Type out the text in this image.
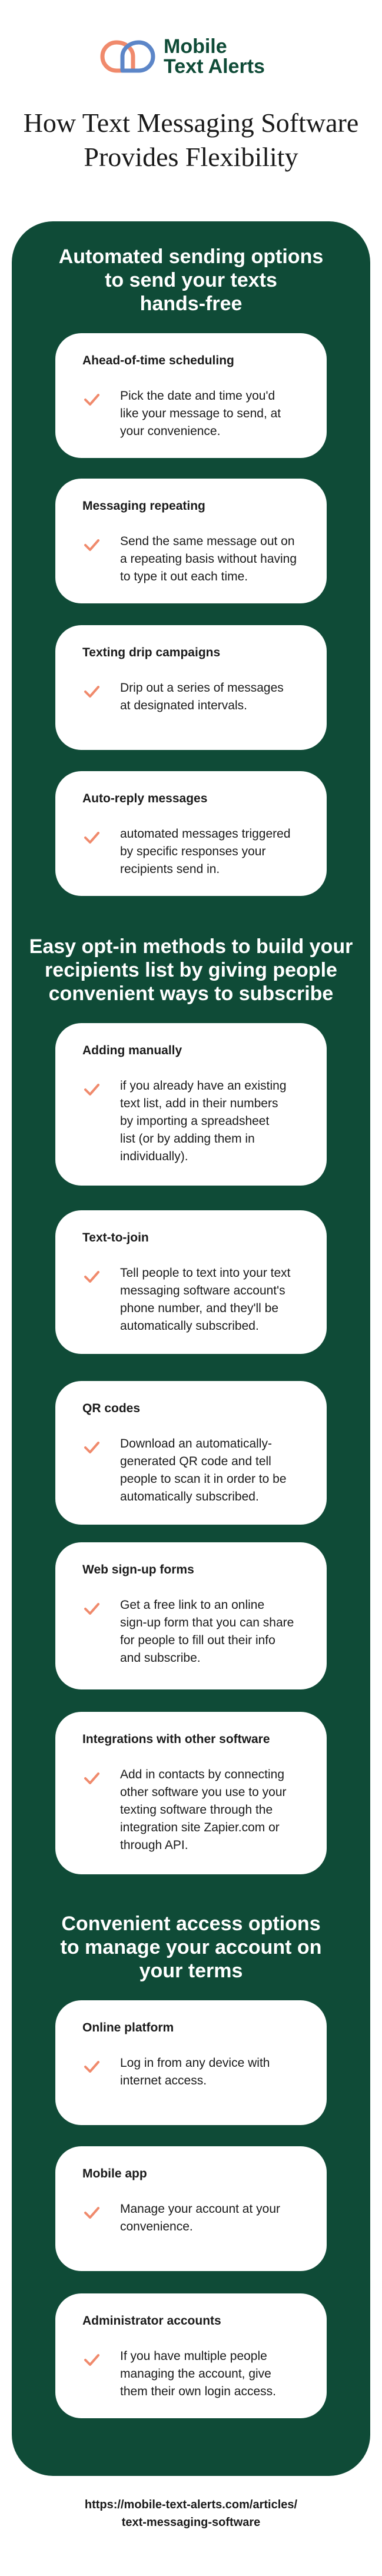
Mobile
Text Alerts
How Text Messaging Software
Provides Flexibility
Automated sending options
to send your texts
hands-free
Ahead-of-time scheduling
Pick the date and time you'd
like your message to send, at
your convenience.
Messaging repeating
Send the same message out on
a repeating basis without having
to type it out each time.
Texting drip campaigns
Drip out a series of messages
at designated intervals.
Auto-reply messages
automated messages triggered
by specific responses your
recipients send in.
Easy opt-in methods to build your
recipients list by giving people
convenient ways to subscribe
Adding manually
if you already have an existing
text list, add in their numbers
by importing a spreadsheet
list (or by adding them in
individually).
Text-to-join
Tell people to text into your text
messaging software account's
phone number, and they'll be
automatically subscribed.
QR codes
Download an automatically-
generated QR code and tell
people to scan it in order to be
automatically subscribed.
Web sign-up forms
Get a free link to an online
sign-up form that you can share
for people to fill out their info
and subscribe.
Integrations with other software
Add in contacts by connecting
other software you use to your
texting software through the
integration site Zapier.com or
through API.
Convenient access options
to manage your account on
your terms
Online platform
Log in from any device with
internet access.
Mobile app
Manage your account at your
convenience.
Administrator accounts
If you have multiple people
managing the account, give
them their own login access.
https://mobile-text-alerts.com/articles/
text-messaging-software
